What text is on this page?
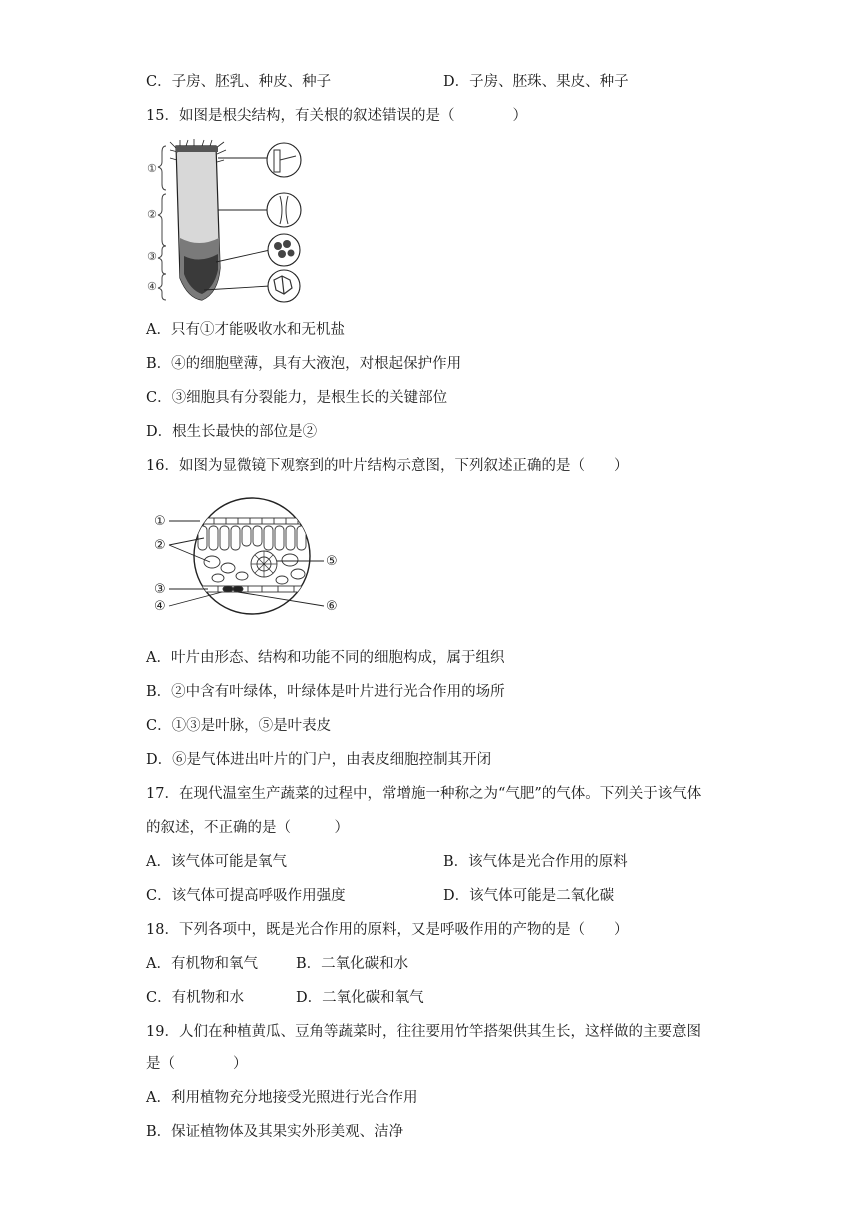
C．子房、胚乳、种皮、种子	D．子房、胚珠、果皮、种子
15．如图是根尖结构，有关根的叙述错误的是（　　　　）
①
②
③
④
A．只有①才能吸收水和无机盐
B．④的细胞壁薄，具有大液泡，对根起保护作用
C．③细胞具有分裂能力，是根生长的关键部位
D．根生长最快的部位是②
16．如图为显微镜下观察到的叶片结构示意图，下列叙述正确的是（　　）
①
②
③
④
⑤
⑥
A．叶片由形态、结构和功能不同的细胞构成，属于组织
B．②中含有叶绿体，叶绿体是叶片进行光合作用的场所
C．①③是叶脉，⑤是叶表皮
D．⑥是气体进出叶片的门户，由表皮细胞控制其开闭
17．在现代温室生产蔬菜的过程中，常增施一种称之为“气肥”的气体。下列关于该气体
的叙述，不正确的是（　　　）
A．该气体可能是氧气	B．该气体是光合作用的原料
C．该气体可提高呼吸作用强度	D．该气体可能是二氧化碳
18．下列各项中，既是光合作用的原料，又是呼吸作用的产物的是（　　）
A．有机物和氧气	B．二氧化碳和水
C．有机物和水	D．二氧化碳和氧气
19．人们在种植黄瓜、豆角等蔬菜时，往往要用竹竿搭架供其生长，这样做的主要意图
是（　　　　）
A．利用植物充分地接受光照进行光合作用
B．保证植物体及其果实外形美观、洁净
